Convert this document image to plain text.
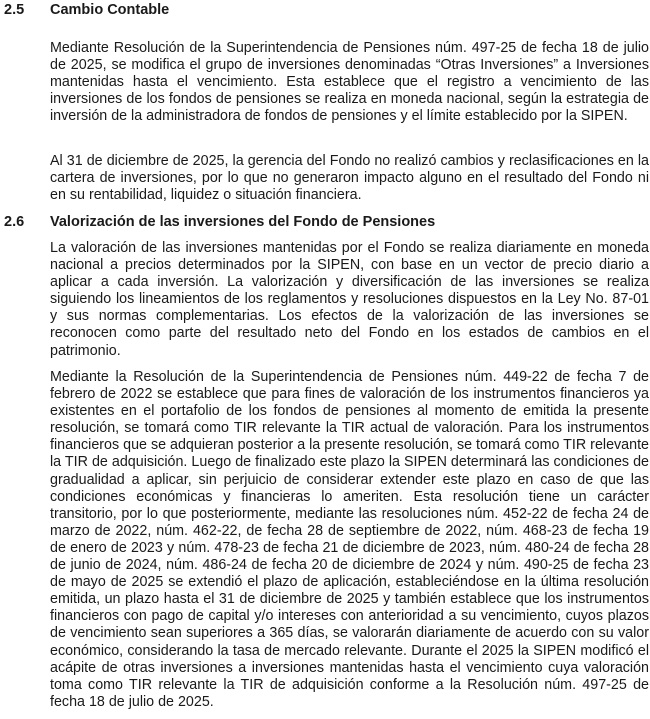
2.5 Cambio Contable

Mediante Resolución de la Superintendencia de Pensiones núm. 497-25 de fecha 18 de julio de 2025, se modifica el grupo de inversiones denominadas “Otras Inversiones” a Inversiones mantenidas hasta el vencimiento. Esta establece que el registro a vencimiento de las inversiones de los fondos de pensiones se realiza en moneda nacional, según la estrategia de inversión de la administradora de fondos de pensiones y el límite establecido por la SIPEN.

Al 31 de diciembre de 2025, la gerencia del Fondo no realizó cambios y reclasificaciones en la cartera de inversiones, por lo que no generaron impacto alguno en el resultado del Fondo ni en su rentabilidad, liquidez o situación financiera.

2.6 Valorización de las inversiones del Fondo de Pensiones

La valoración de las inversiones mantenidas por el Fondo se realiza diariamente en moneda nacional a precios determinados por la SIPEN, con base en un vector de precio diario a aplicar a cada inversión. La valorización y diversificación de las inversiones se realiza siguiendo los lineamientos de los reglamentos y resoluciones dispuestos en la Ley No. 87-01 y sus normas complementarias. Los efectos de la valorización de las inversiones se reconocen como parte del resultado neto del Fondo en los estados de cambios en el patrimonio.

Mediante la Resolución de la Superintendencia de Pensiones núm. 449-22 de fecha 7 de febrero de 2022 se establece que para fines de valoración de los instrumentos financieros ya existentes en el portafolio de los fondos de pensiones al momento de emitida la presente resolución, se tomará como TIR relevante la TIR actual de valoración. Para los instrumentos financieros que se adquieran posterior a la presente resolución, se tomará como TIR relevante la TIR de adquisición. Luego de finalizado este plazo la SIPEN determinará las condiciones de gradualidad a aplicar, sin perjuicio de considerar extender este plazo en caso de que las condiciones económicas y financieras lo ameriten. Esta resolución tiene un carácter transitorio, por lo que posteriormente, mediante las resoluciones núm. 452-22 de fecha 24 de marzo de 2022, núm. 462-22, de fecha 28 de septiembre de 2022, núm. 468-23 de fecha 19 de enero de 2023 y núm. 478-23 de fecha 21 de diciembre de 2023, núm. 480-24 de fecha 28 de junio de 2024, núm. 486-24 de fecha 20 de diciembre de 2024 y núm. 490-25 de fecha 23 de mayo de 2025 se extendió el plazo de aplicación, estableciéndose en la última resolución emitida, un plazo hasta el 31 de diciembre de 2025 y también establece que los instrumentos financieros con pago de capital y/o intereses con anterioridad a su vencimiento, cuyos plazos de vencimiento sean superiores a 365 días, se valorarán diariamente de acuerdo con su valor económico, considerando la tasa de mercado relevante. Durante el 2025 la SIPEN modificó el acápite de otras inversiones a inversiones mantenidas hasta el vencimiento cuya valoración toma como TIR relevante la TIR de adquisición conforme a la Resolución núm. 497-25 de fecha 18 de julio de 2025.
